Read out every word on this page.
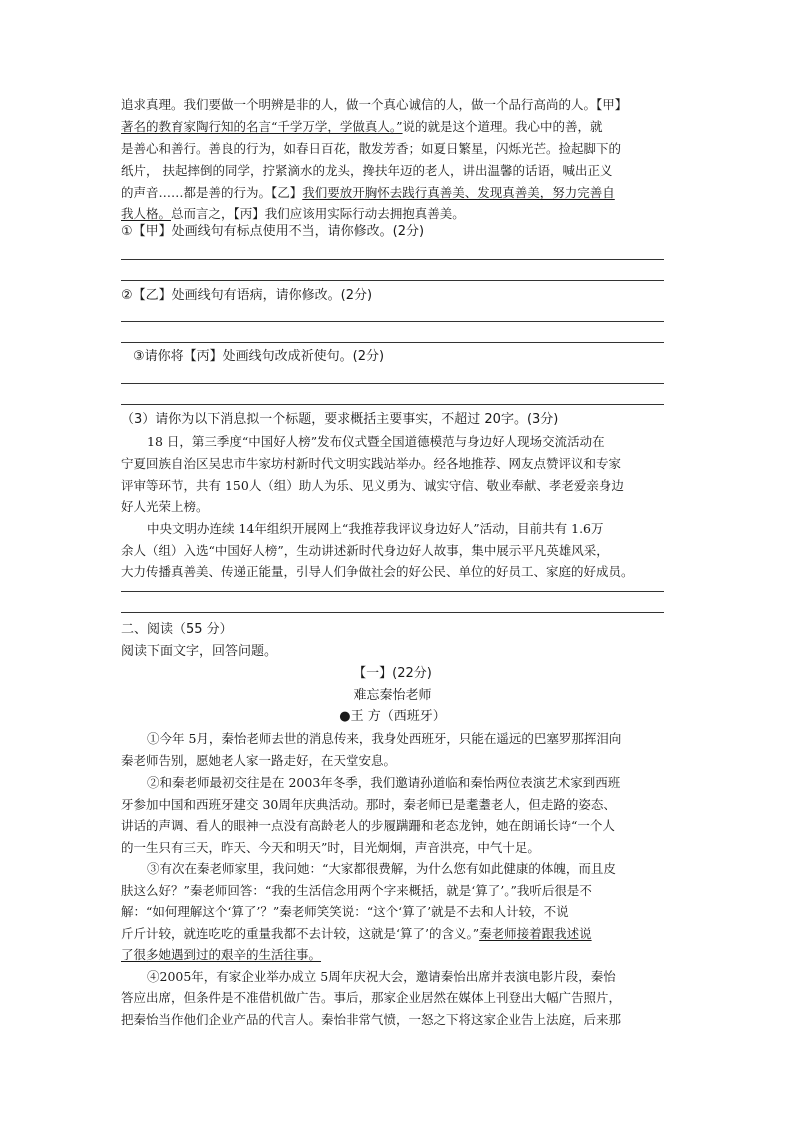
追求真理。我们要做一个明辨是非的人，做一个真心诚信的人，做一个品行高尚的人。【甲】
著名的教育家陶行知的名言“千学万学，学做真人。”说的就是这个道理。我心中的善，就
是善心和善行。善良的行为，如春日百花，散发芳香；如夏日繁星，闪烁光芒。捡起脚下的
纸片， 扶起摔倒的同学，拧紧滴水的龙头，搀扶年迈的老人，讲出温馨的话语，喊出正义
的声音……都是善的行为。【乙】我们要放开胸怀去践行真善美、发现真善美，努力完善自
我人格。总而言之，【丙】我们应该用实际行动去拥抱真善美。
①【甲】处画线句有标点使用不当，请你修改。(2分)
②【乙】处画线句有语病，请你修改。(2分)
③请你将【丙】处画线句改成祈使句。(2分)
（3）请你为以下消息拟一个标题，要求概括主要事实，不超过 20字。(3分)
18 日，第三季度“中国好人榜”发布仪式暨全国道德模范与身边好人现场交流活动在
宁夏回族自治区吴忠市牛家坊村新时代文明实践站举办。经各地推荐、网友点赞评议和专家
评审等环节，共有 150人（组）助人为乐、见义勇为、诚实守信、敬业奉献、孝老爱亲身边
好人光荣上榜。
中央文明办连续 14年组织开展网上“我推荐我评议身边好人”活动，目前共有 1.6万
余人（组）入选“中国好人榜”，生动讲述新时代身边好人故事，集中展示平凡英雄风采，
大力传播真善美、传递正能量，引导人们争做社会的好公民、单位的好员工、家庭的好成员。
二、阅读（55 分）
阅读下面文字，回答问题。
【一】(22分)
难忘秦怡老师
●王 方（西班牙）
①今年 5月，秦怡老师去世的消息传来，我身处西班牙，只能在遥远的巴塞罗那挥泪向
秦老师告别，愿她老人家一路走好，在天堂安息。
②和秦老师最初交往是在 2003年冬季，我们邀请孙道临和秦怡两位表演艺术家到西班
牙参加中国和西班牙建交 30周年庆典活动。那时，秦老师已是耄耋老人，但走路的姿态、
讲话的声调、看人的眼神一点没有高龄老人的步履蹒跚和老态龙钟，她在朗诵长诗“一个人
的一生只有三天，昨天、今天和明天”时，目光炯炯，声音洪亮，中气十足。
③有次在秦老师家里，我问她：“大家都很费解，为什么您有如此健康的体魄，而且皮
肤这么好？”秦老师回答：“我的生活信念用两个字来概括，就是‘算了’。”我听后很是不
解：“如何理解这个‘算了’？”秦老师笑笑说：“这个‘算了’就是不去和人计较，不说
斤斤计较，就连吃吃的重量我都不去计较，这就是‘算了’的含义。”秦老师接着跟我述说
了很多她遇到过的艰辛的生活往事。
④2005年，有家企业举办成立 5周年庆祝大会，邀请秦怡出席并表演电影片段，秦怡
答应出席，但条件是不准借机做广告。事后，那家企业居然在媒体上刊登出大幅广告照片，
把秦怡当作他们企业产品的代言人。秦怡非常气愤，一怒之下将这家企业告上法庭，后来那
